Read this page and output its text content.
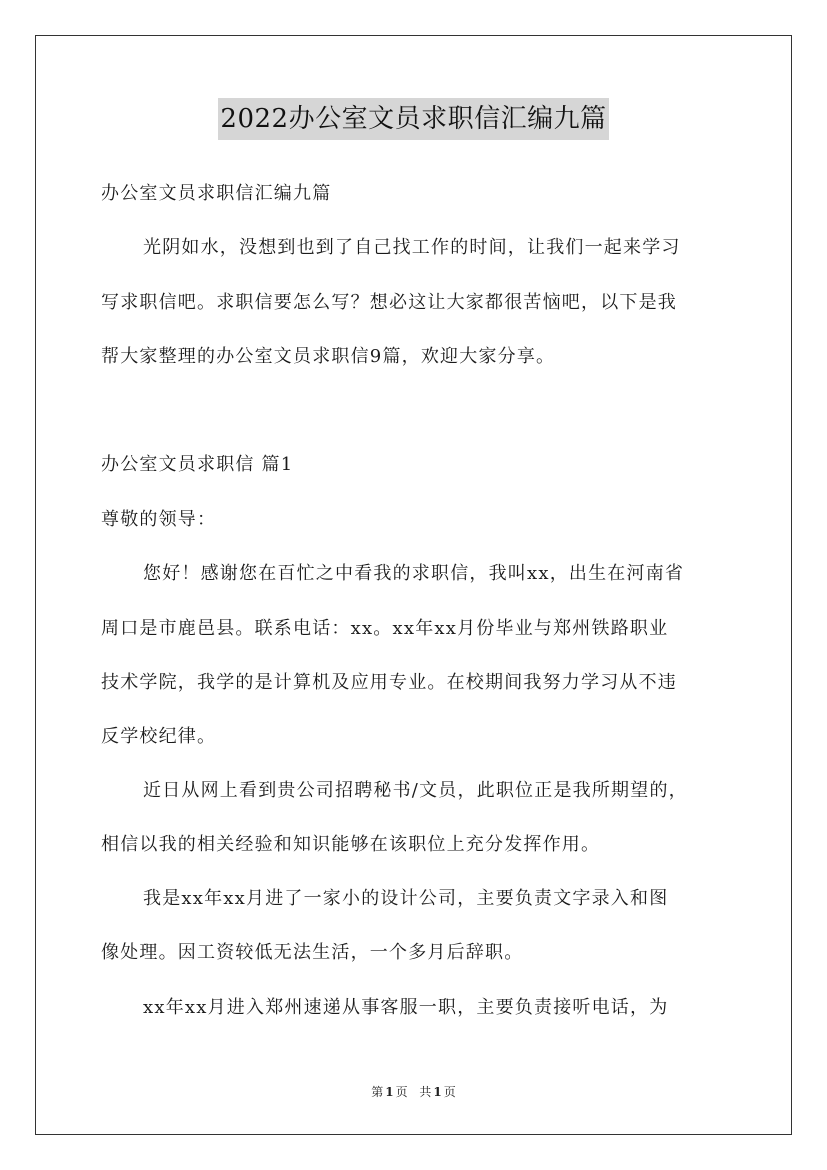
2022办公室文员求职信汇编九篇
办公室文员求职信汇编九篇
光阴如水，没想到也到了自己找工作的时间，让我们一起来学习
写求职信吧。求职信要怎么写？想必这让大家都很苦恼吧，以下是我
帮大家整理的办公室文员求职信9篇，欢迎大家分享。
办公室文员求职信 篇1
尊敬的领导：
您好！感谢您在百忙之中看我的求职信，我叫xx，出生在河南省
周口是市鹿邑县。联系电话：xx。xx年xx月份毕业与郑州铁路职业
技术学院，我学的是计算机及应用专业。在校期间我努力学习从不违
反学校纪律。
近日从网上看到贵公司招聘秘书/文员，此职位正是我所期望的，
相信以我的相关经验和知识能够在该职位上充分发挥作用。
我是xx年xx月进了一家小的设计公司，主要负责文字录入和图
像处理。因工资较低无法生活，一个多月后辞职。
xx年xx月进入郑州速递从事客服一职，主要负责接听电话，为
第 1 页 共 1 页
